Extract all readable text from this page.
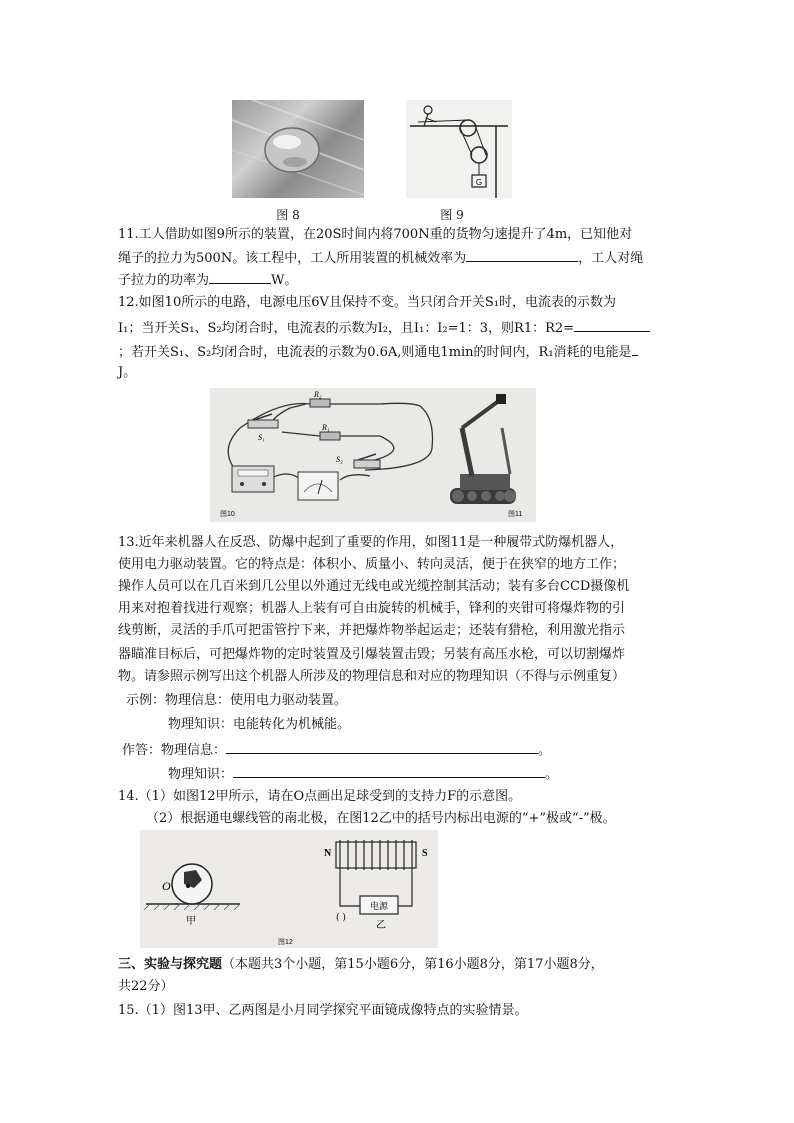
图 8
G
图 9
11.工人借助如图9所示的装置，在20S时间内将700N重的货物匀速提升了4m，已知他对
绳子的拉力为500N。该工程中，工人所用装置的机械效率为	，工人对绳
子拉力的功率为	W。
12.如图10所示的电路，电源电压6V且保持不变。当只闭合开关S₁时，电流表的示数为
I₁；当开关S₁、S₂均闭合时，电流表的示数为I₂，且I₁：I₂=1：3，则R1：R2=
；若开关S₁、S₂均闭合时，电流表的示数为0.6A,则通电1min的时间内，R₁消耗的电能是
J。
S₁
R₂
R₁
S₂
图10	图11
13.近年来机器人在反恐、防爆中起到了重要的作用，如图11是一种履带式防爆机器人，
使用电力驱动装置。它的特点是：体积小、质量小、转向灵活，便于在狭窄的地方工作；
操作人员可以在几百米到几公里以外通过无线电或光缆控制其活动；装有多台CCD摄像机
用来对抱着找进行观察；机器人上装有可自由旋转的机械手，锋利的夹钳可将爆炸物的引
线剪断，灵活的手爪可把雷管拧下来，并把爆炸物举起运走；还装有猎枪，利用激光指示
器瞄准目标后，可把爆炸物的定时装置及引爆装置击毁；另装有高压水枪，可以切割爆炸
物。请参照示例写出这个机器人所涉及的物理信息和对应的物理知识（不得与示例重复）
示例：物理信息：使用电力驱动装置。
物理知识：电能转化为机械能。
作答：物理信息：	。
物理知识：	。
14.（1）如图12甲所示，请在O点画出足球受到的支持力F的示意图。
（2）根据通电螺线管的南北极，在图12乙中的括号内标出电源的“+”极或“-”极。
O
甲
N	S
电源
( )
乙
图12
三、实验与探究题（本题共3个小题，第15小题6分，第16小题8分，第17小题8分，
共22分）
15.（1）图13甲、乙两图是小月同学探究平面镜成像特点的实验情景。
